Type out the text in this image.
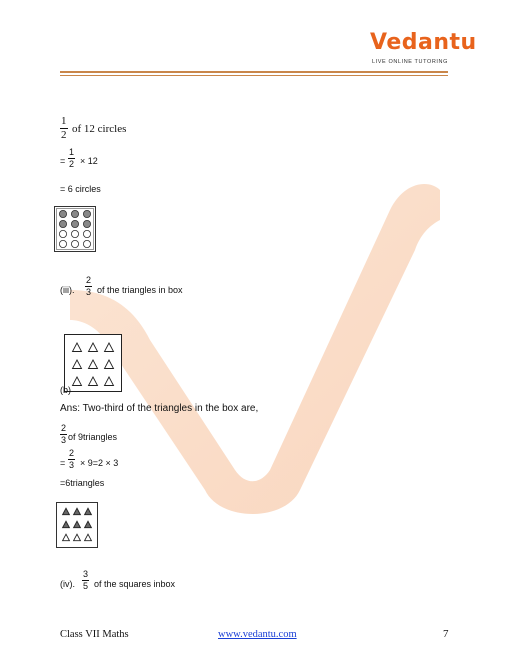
Vedantu
LIVE ONLINE TUTORING
$\frac{1}{2}$ of 12 circles
= $\frac{1}{2} \times 12$
= 6 circles
(iii). $\frac{2}{3}$ of the triangles in box
(b)
Ans: Two-third of the triangles in the box are,
$\frac{2}{3}$ of 9triangles
= $\frac{2}{3} \times 9=2 \times 3$
=6triangles
(iv). $\frac{3}{5}$ of the squares inbox
Class VII Maths	www.vedantu.com	7
